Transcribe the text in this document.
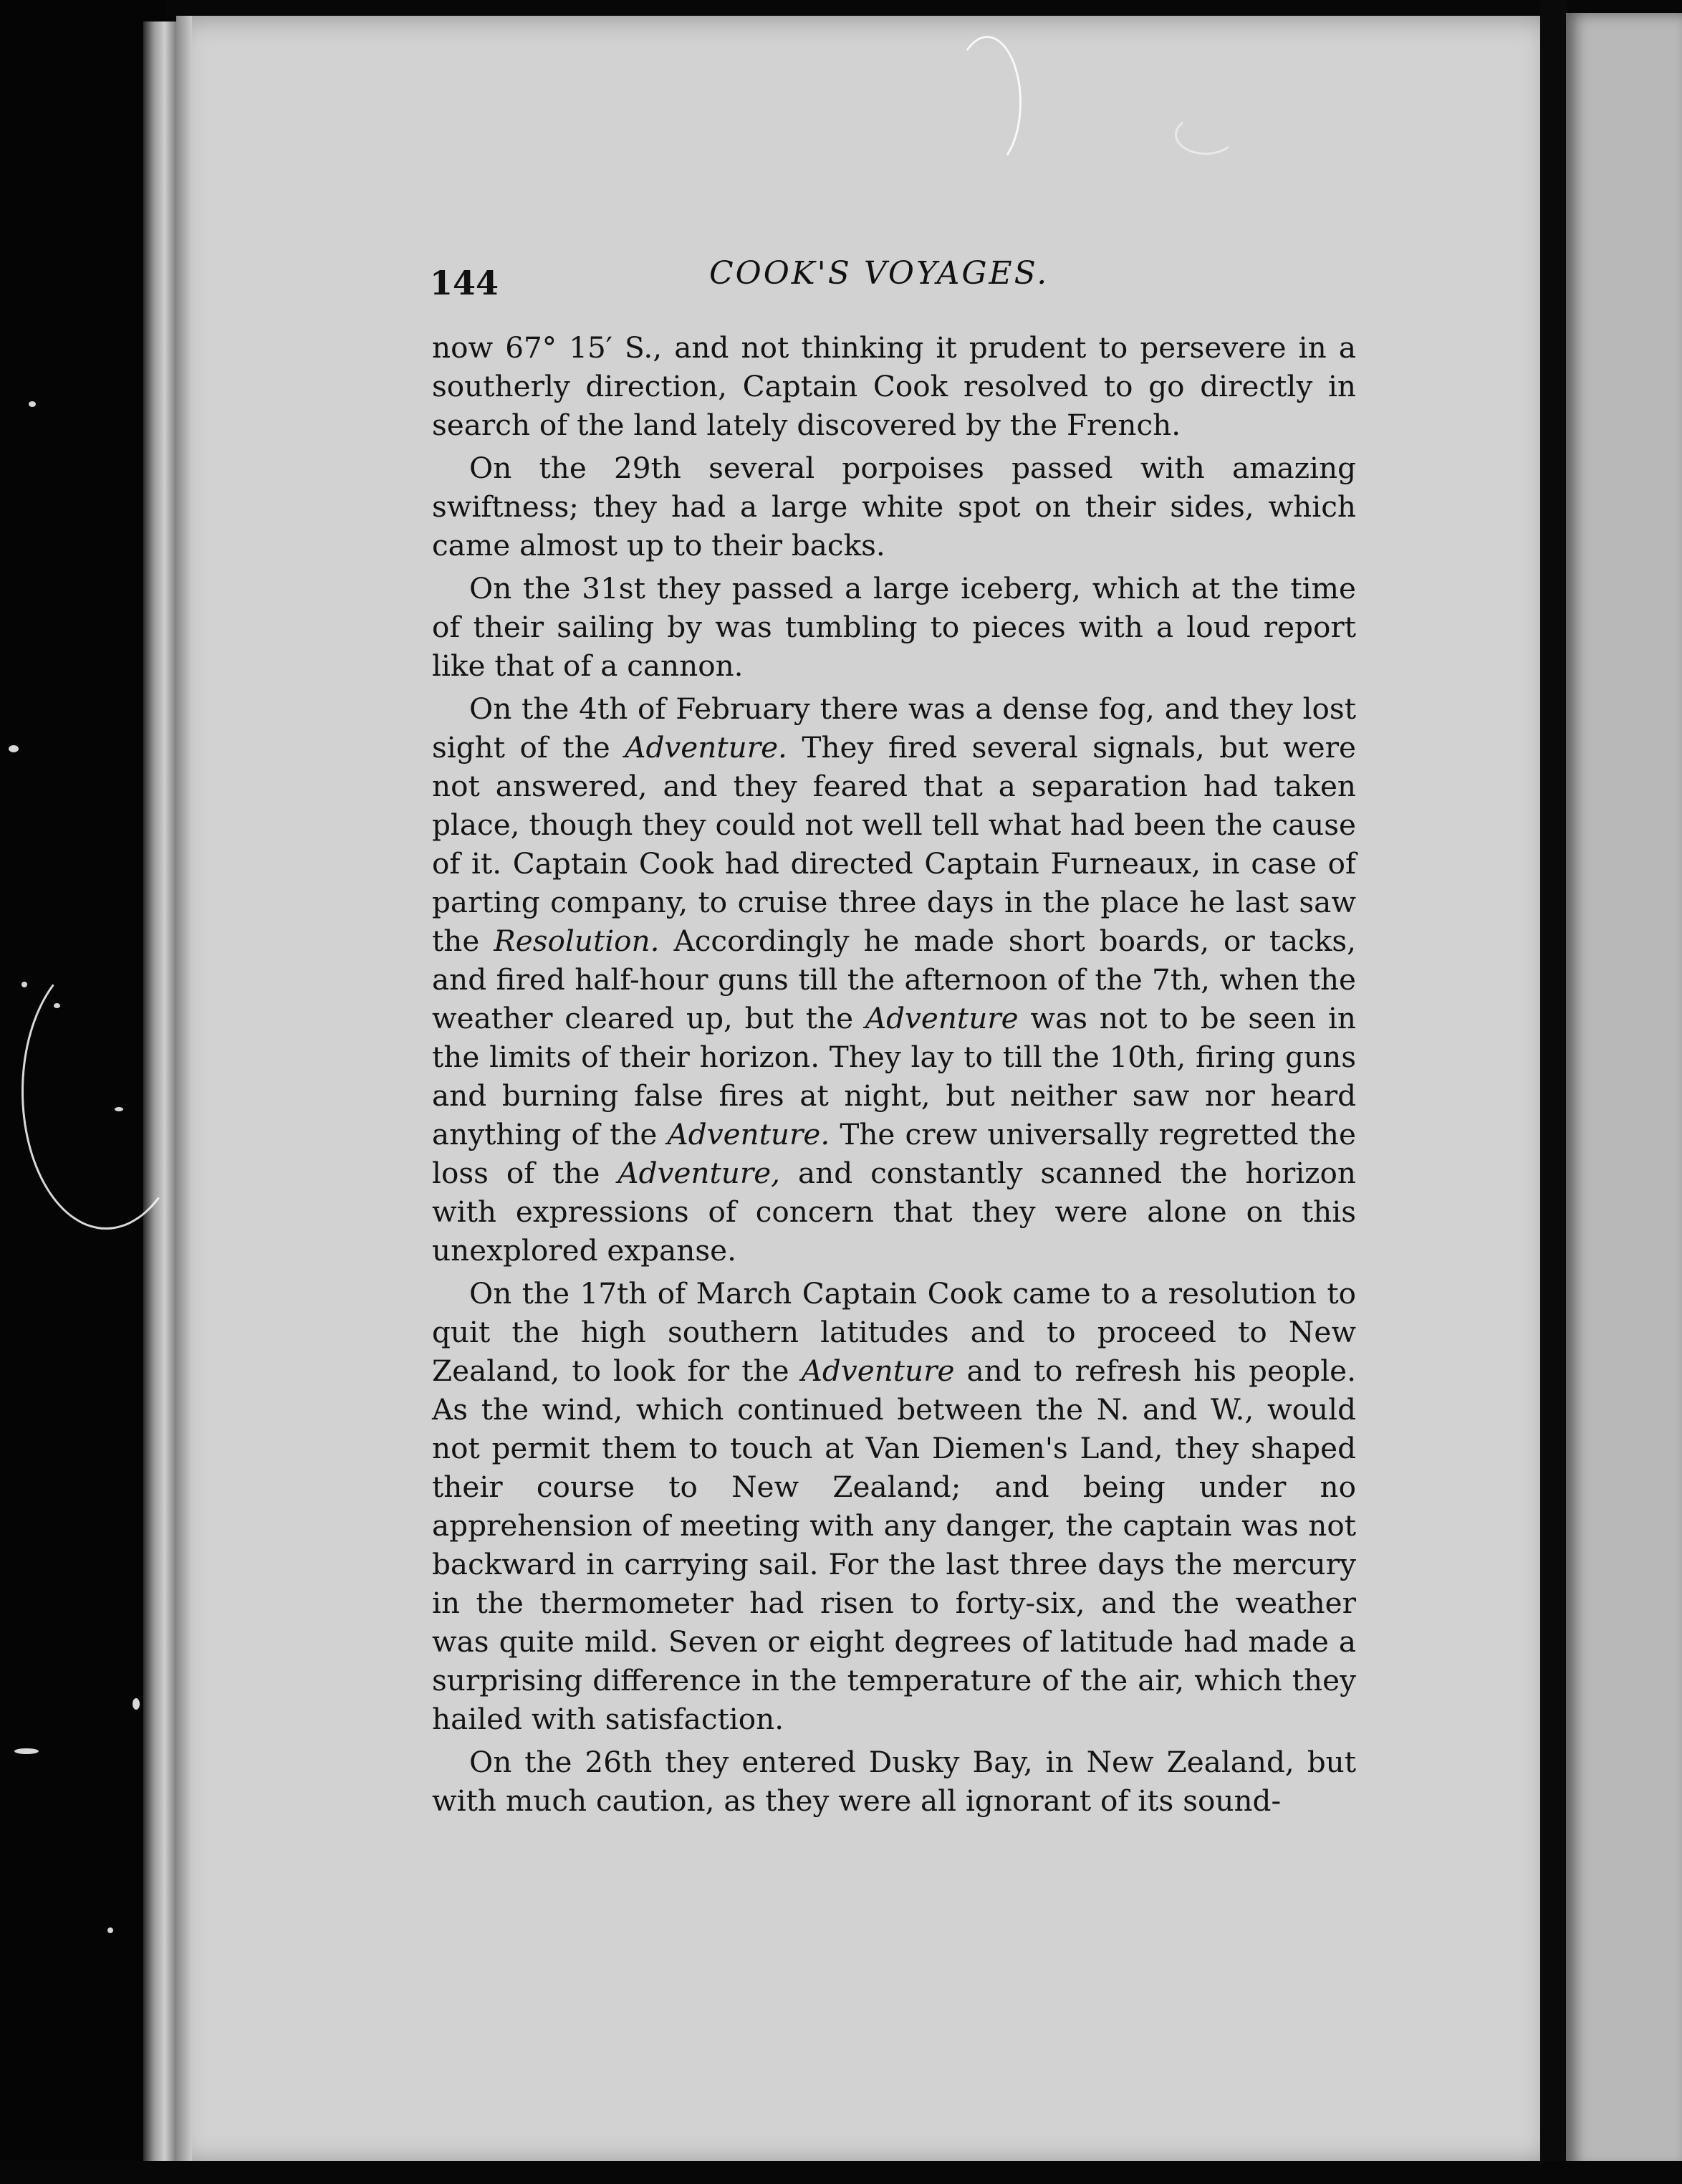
144	COOK'S VOYAGES.

now 67° 15′ S., and not thinking it prudent to persevere in a southerly direction, Captain Cook resolved to go directly in search of the land lately discovered by the French.

On the 29th several porpoises passed with amazing swiftness; they had a large white spot on their sides, which came almost up to their backs.

On the 31st they passed a large iceberg, which at the time of their sailing by was tumbling to pieces with a loud report like that of a cannon.

On the 4th of February there was a dense fog, and they lost sight of the Adventure. They fired several signals, but were not answered, and they feared that a separation had taken place, though they could not well tell what had been the cause of it. Captain Cook had directed Captain Furneaux, in case of parting company, to cruise three days in the place he last saw the Resolution. Accordingly he made short boards, or tacks, and fired half-hour guns till the afternoon of the 7th, when the weather cleared up, but the Adventure was not to be seen in the limits of their horizon. They lay to till the 10th, firing guns and burning false fires at night, but neither saw nor heard anything of the Adventure. The crew universally regretted the loss of the Adventure, and constantly scanned the horizon with expressions of concern that they were alone on this unexplored expanse.

On the 17th of March Captain Cook came to a resolution to quit the high southern latitudes and to proceed to New Zealand, to look for the Adventure and to refresh his people. As the wind, which continued between the N. and W., would not permit them to touch at Van Diemen's Land, they shaped their course to New Zealand; and being under no apprehension of meeting with any danger, the captain was not backward in carrying sail. For the last three days the mercury in the thermometer had risen to forty-six, and the weather was quite mild. Seven or eight degrees of latitude had made a surprising difference in the temperature of the air, which they hailed with satisfaction.

On the 26th they entered Dusky Bay, in New Zealand, but with much caution, as they were all ignorant of its sound-
